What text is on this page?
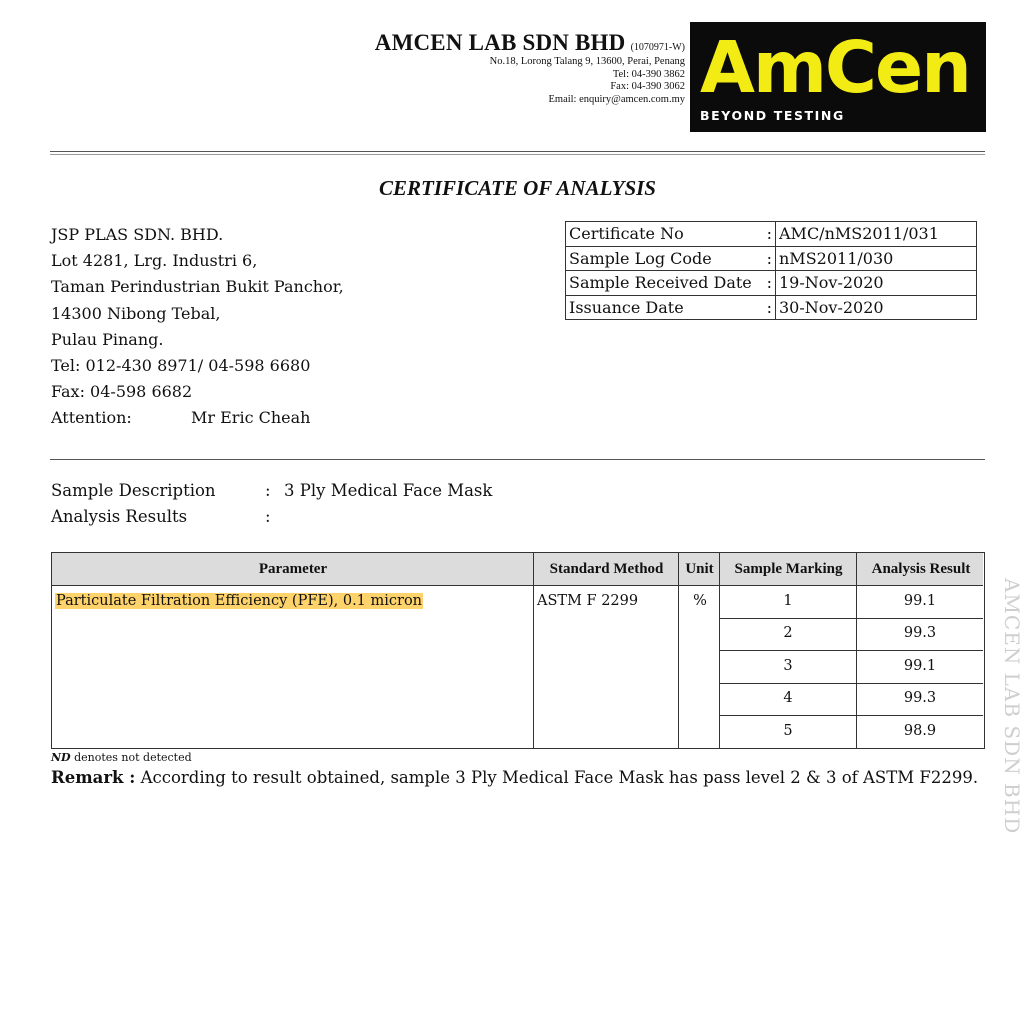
AMCEN LAB SDN BHD (1070971-W)
No.18, Lorong Talang 9, 13600, Perai, Penang
Tel: 04-390 3862
Fax: 04-390 3062
Email: enquiry@amcen.com.my AmCen
BEYOND TESTING
CERTIFICATE OF ANALYSIS
JSP PLAS SDN. BHD.
Lot 4281, Lrg. Industri 6,
Taman Perindustrian Bukit Panchor,
14300 Nibong Tebal,
Pulau Pinang.
Tel: 012-430 8971/ 04-598 6680
Fax: 04-598 6682
Attention:	Mr Eric Cheah
Certificate No :	AMC/nMS2011/031
Sample Log Code :	nMS2011/030
Sample Received Date :	19-Nov-2020
Issuance Date :	30-Nov-2020
Sample Description	: 3 Ply Medical Face Mask
Analysis Results	:
Parameter	Standard Method	Unit	Sample Marking	Analysis Result
Particulate Filtration Efficiency (PFE), 0.1 micron	ASTM F 2299	%	1	99.1
2	99.3
3	99.1
4	99.3
5	98.9
ND denotes not detected
Remark : According to result obtained, sample 3 Ply Medical Face Mask has pass level 2 & 3 of ASTM F2299. AMCEN LAB SDN BHD
